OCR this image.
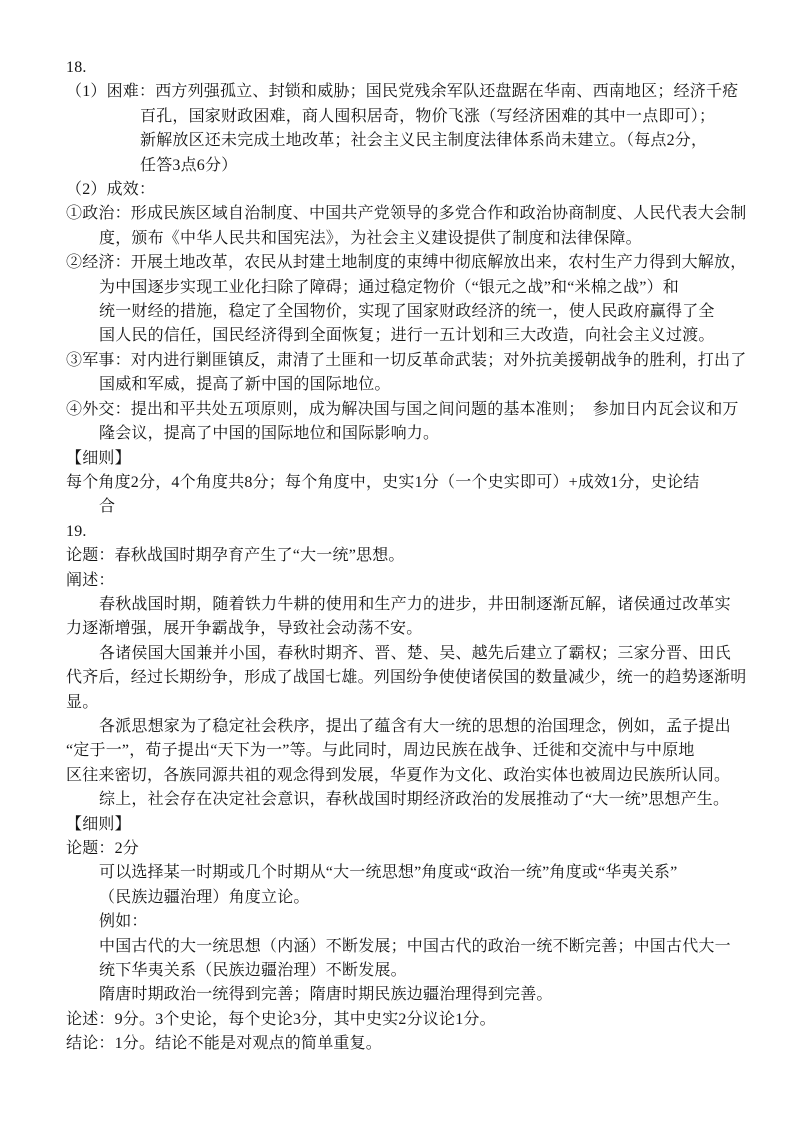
18.
（1）困难：西方列强孤立、封锁和威胁；国民党残余军队还盘踞在华南、西南地区；经济千疮
百孔，国家财政困难，商人囤积居奇，物价飞涨（写经济困难的其中一点即可）；
新解放区还未完成土地改革；社会主义民主制度法律体系尚未建立。（每点2分，
任答3点6分）
（2）成效：
①政治：形成民族区域自治制度、中国共产党领导的多党合作和政治协商制度、人民代表大会制
度，颁布《中华人民共和国宪法》，为社会主义建设提供了制度和法律保障。
②经济：开展土地改革，农民从封建土地制度的束缚中彻底解放出来，农村生产力得到大解放，
为中国逐步实现工业化扫除了障碍；通过稳定物价（“银元之战”和“米棉之战”）和
统一财经的措施，稳定了全国物价，实现了国家财政经济的统一，使人民政府赢得了全
国人民的信任，国民经济得到全面恢复；进行一五计划和三大改造，向社会主义过渡。
③军事：对内进行剿匪镇反，肃清了土匪和一切反革命武装；对外抗美援朝战争的胜利，打出了
国威和军威，提高了新中国的国际地位。
④外交：提出和平共处五项原则，成为解决国与国之间问题的基本准则；  参加日内瓦会议和万
隆会议，提高了中国的国际地位和国际影响力。
【细则】
每个角度2分，4个角度共8分；每个角度中，史实1分（一个史实即可）+成效1分，史论结
合
19.
论题：春秋战国时期孕育产生了“大一统”思想。
阐述：
春秋战国时期，随着铁力牛耕的使用和生产力的进步，井田制逐渐瓦解，诸侯通过改革实
力逐渐增强，展开争霸战争，导致社会动荡不安。
各诸侯国大国兼并小国，春秋时期齐、晋、楚、吴、越先后建立了霸权；三家分晋、田氏
代齐后，经过长期纷争，形成了战国七雄。列国纷争使使诸侯国的数量减少，统一的趋势逐渐明
显。
各派思想家为了稳定社会秩序，提出了蕴含有大一统的思想的治国理念，例如，孟子提出
“定于一”，荀子提出“天下为一”等。与此同时，周边民族在战争、迁徙和交流中与中原地
区往来密切，各族同源共祖的观念得到发展，华夏作为文化、政治实体也被周边民族所认同。
综上，社会存在决定社会意识，春秋战国时期经济政治的发展推动了“大一统”思想产生。
【细则】
论题：2分
可以选择某一时期或几个时期从“大一统思想”角度或“政治一统”角度或“华夷关系”
（民族边疆治理）角度立论。
例如：
中国古代的大一统思想（内涵）不断发展；中国古代的政治一统不断完善；中国古代大一
统下华夷关系（民族边疆治理）不断发展。
隋唐时期政治一统得到完善；隋唐时期民族边疆治理得到完善。
论述：9分。3个史论，每个史论3分，其中史实2分议论1分。
结论：1分。结论不能是对观点的简单重复。
